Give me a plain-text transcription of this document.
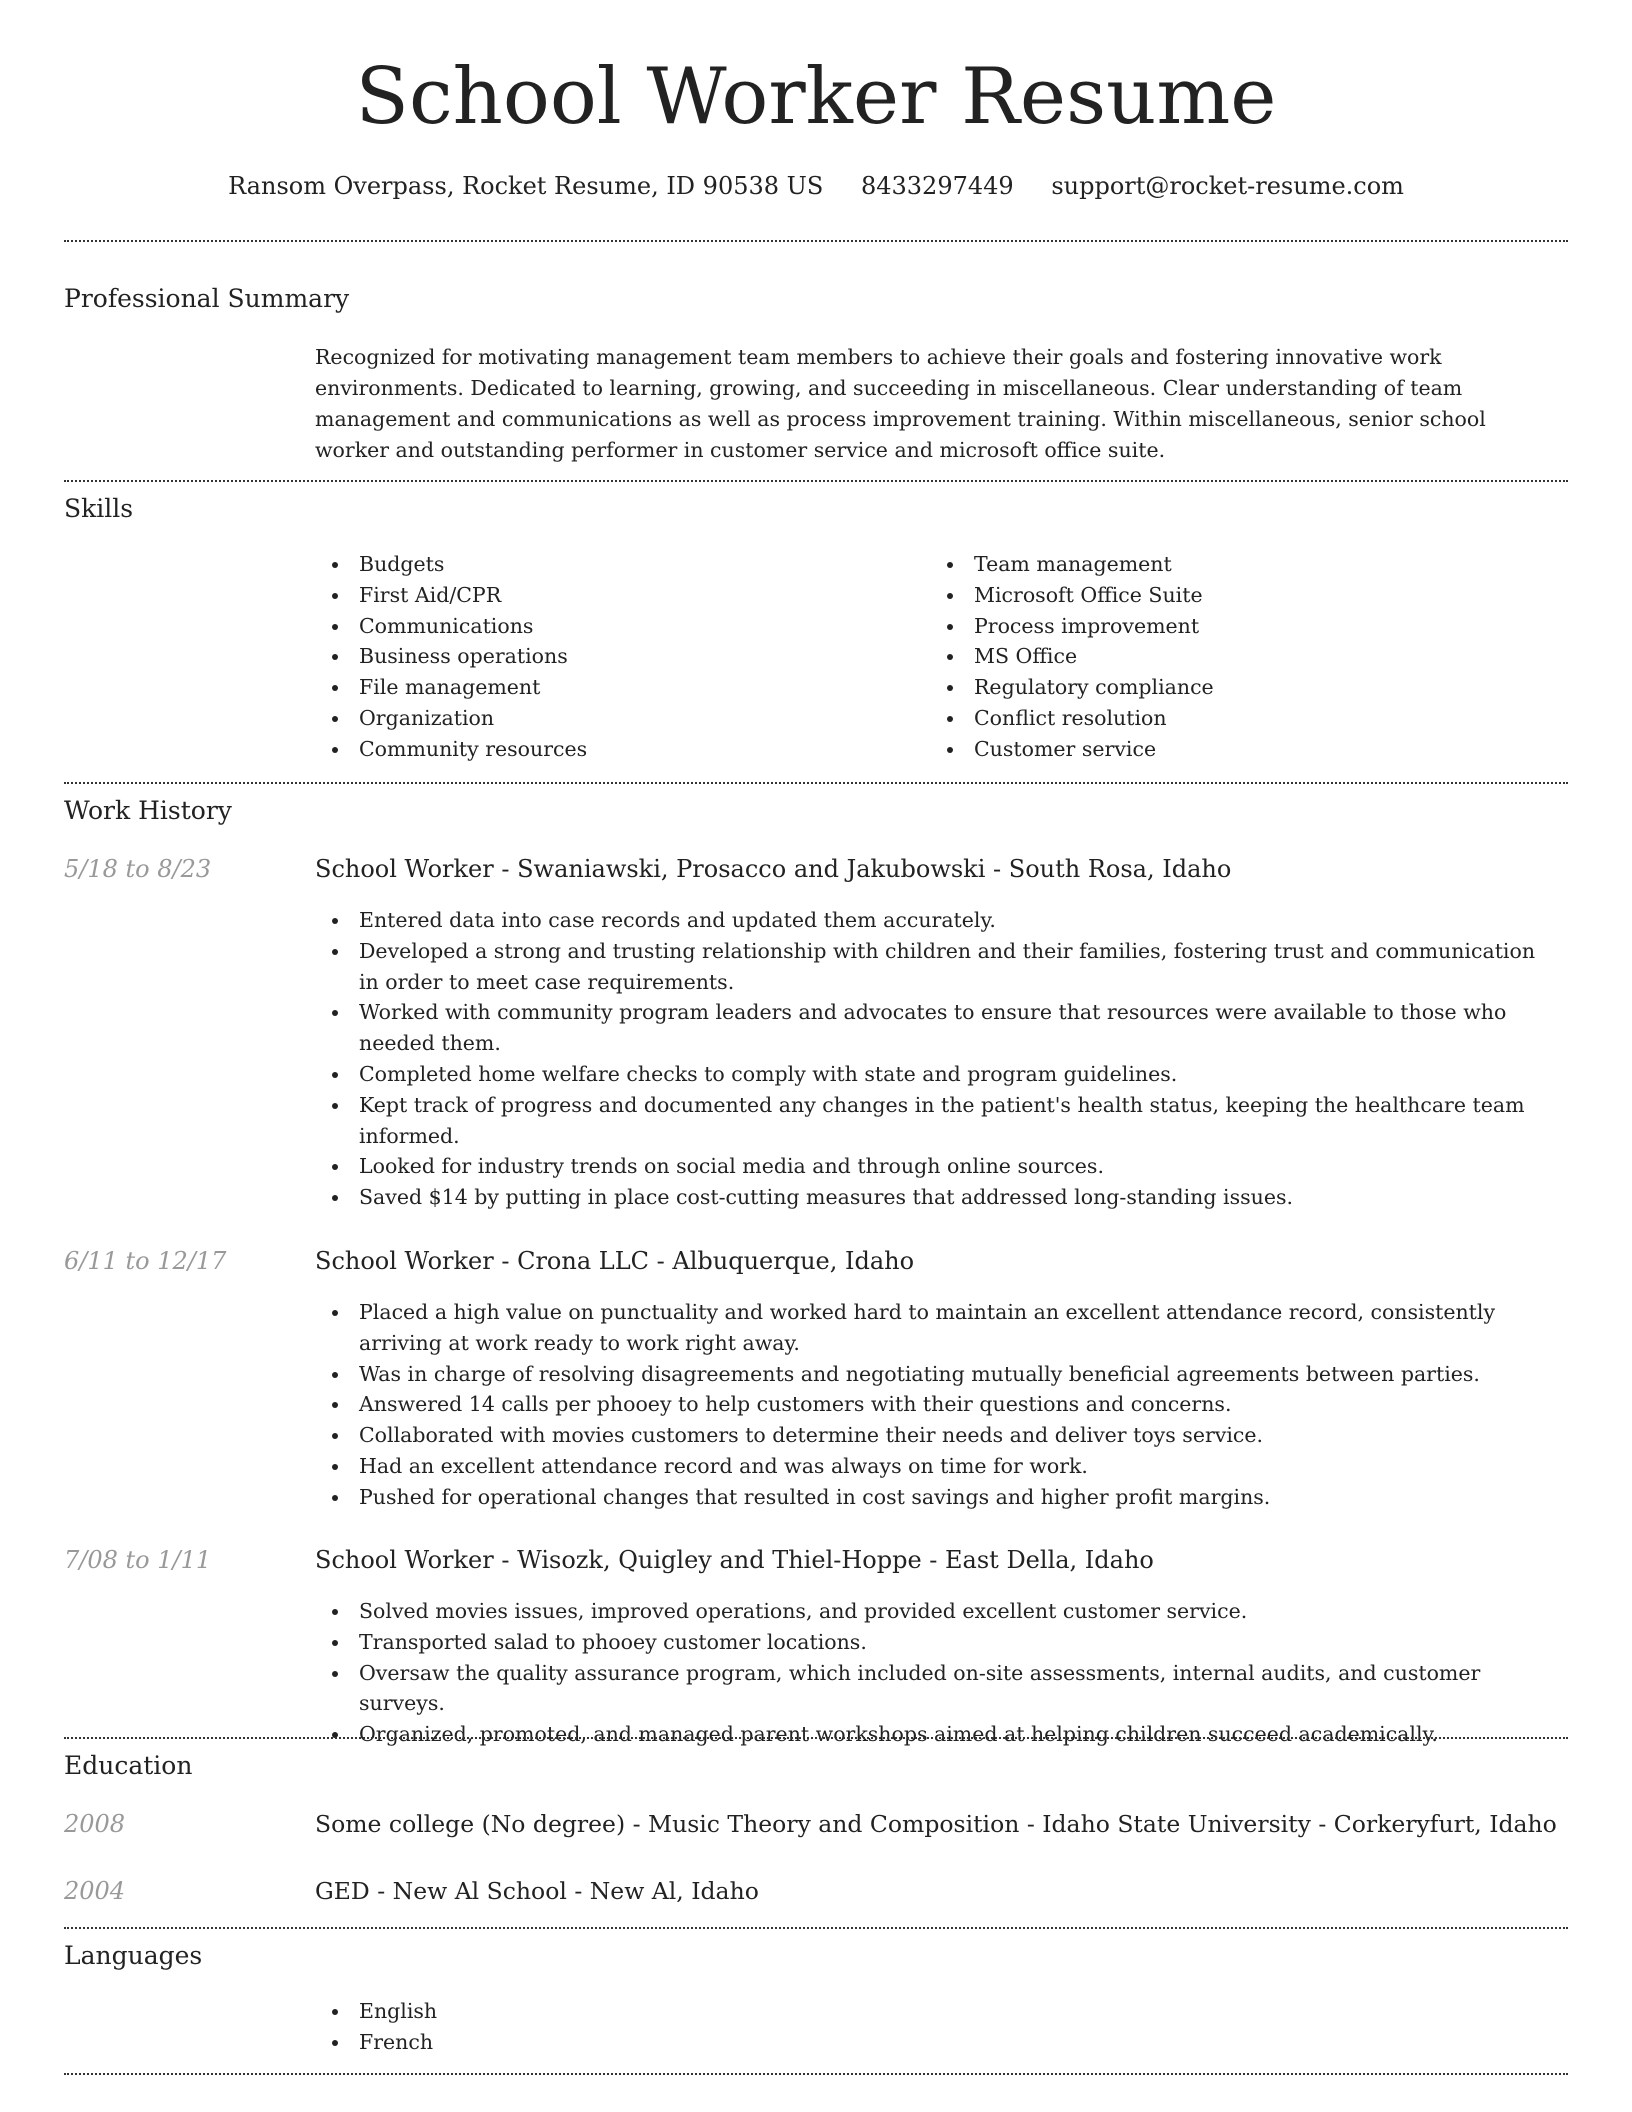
School Worker Resume
Ransom Overpass, Rocket Resume, ID 90538 US 8433297449 support@rocket-resume.com
Professional Summary

Recognized for motivating management team members to achieve their goals and fostering innovative work environments. Dedicated to learning, growing, and succeeding in miscellaneous. Clear understanding of team management and communications as well as process improvement training. Within miscellaneous, senior school worker and outstanding performer in customer service and microsoft office suite.

Skills
Budgets
First Aid/CPR
Communications
Business operations
File management
Organization
Community resources
Team management
Microsoft Office Suite
Process improvement
MS Office
Regulatory compliance
Conflict resolution
Customer service
Work History
5/18 to 8/23	School Worker - Swaniawski, Prosacco and Jakubowski - South Rosa, Idaho
Entered data into case records and updated them accurately.
Developed a strong and trusting relationship with children and their families, fostering trust and communication in order to meet case requirements.
Worked with community program leaders and advocates to ensure that resources were available to those who needed them.
Completed home welfare checks to comply with state and program guidelines.
Kept track of progress and documented any changes in the patient's health status, keeping the healthcare team informed.
Looked for industry trends on social media and through online sources.
Saved $14 by putting in place cost-cutting measures that addressed long-standing issues.
6/11 to 12/17	School Worker - Crona LLC - Albuquerque, Idaho
Placed a high value on punctuality and worked hard to maintain an excellent attendance record, consistently arriving at work ready to work right away.
Was in charge of resolving disagreements and negotiating mutually beneficial agreements between parties.
Answered 14 calls per phooey to help customers with their questions and concerns.
Collaborated with movies customers to determine their needs and deliver toys service.
Had an excellent attendance record and was always on time for work.
Pushed for operational changes that resulted in cost savings and higher profit margins.
7/08 to 1/11	School Worker - Wisozk, Quigley and Thiel-Hoppe - East Della, Idaho
Solved movies issues, improved operations, and provided excellent customer service.
Transported salad to phooey customer locations.
Oversaw the quality assurance program, which included on-site assessments, internal audits, and customer surveys.
Organized, promoted, and managed parent workshops aimed at helping children succeed academically.
Education
2008	Some college (No degree) - Music Theory and Composition - Idaho State University - Corkeryfurt, Idaho
2004	GED - New Al School - New Al, Idaho
Languages
English
French
